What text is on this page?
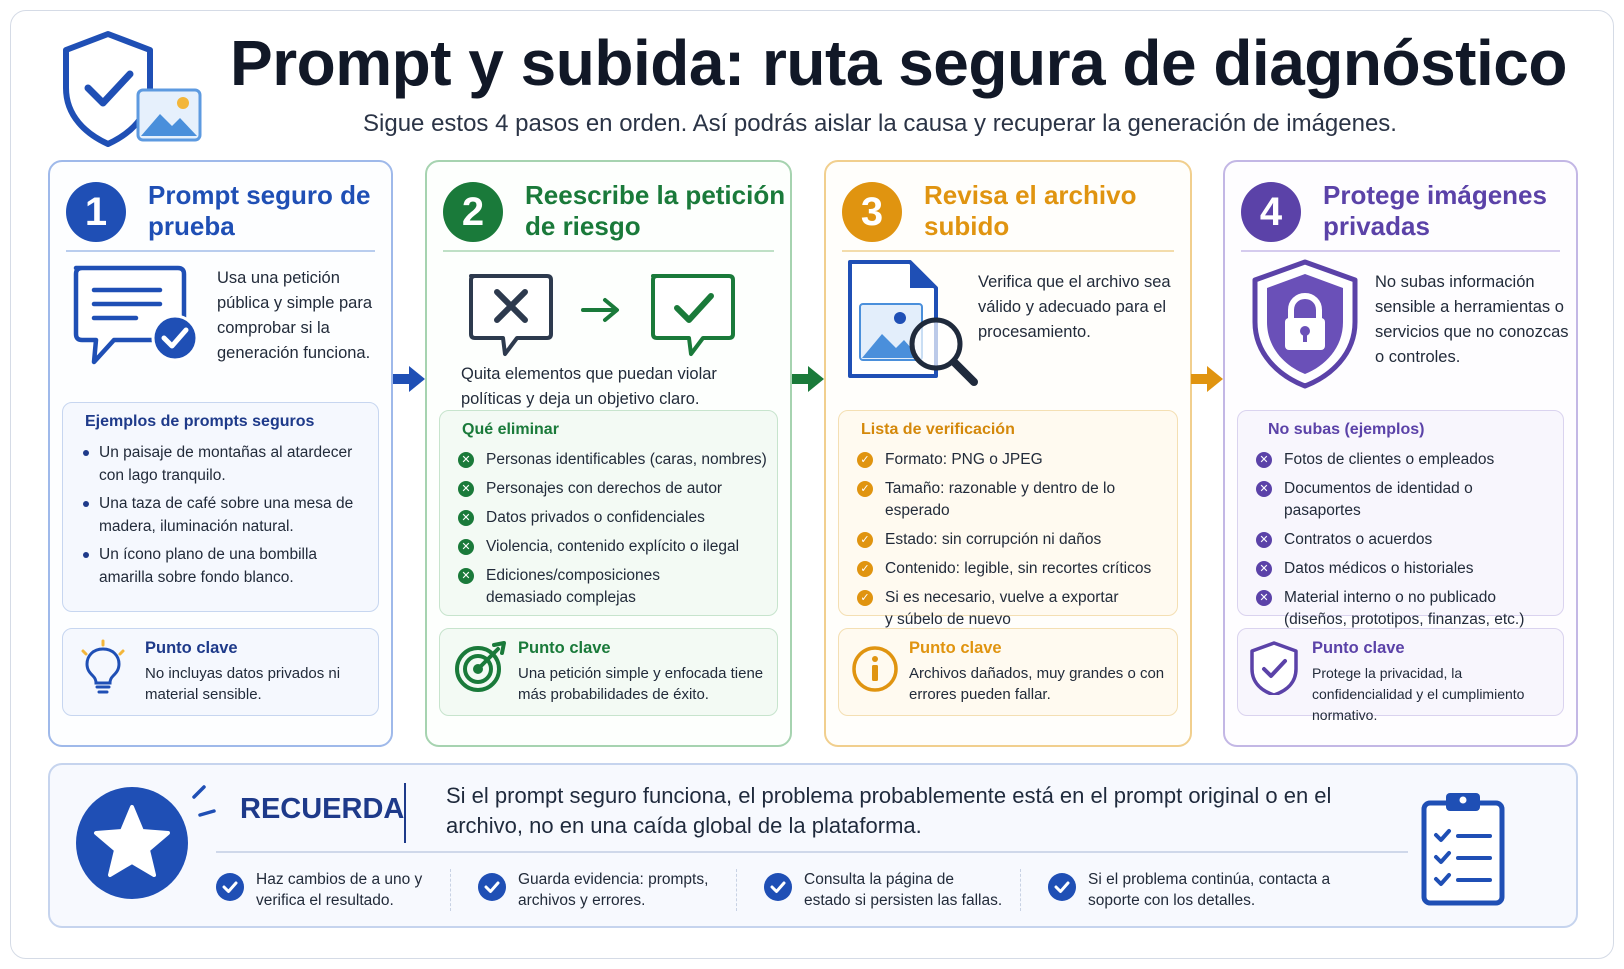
Prompt y subida: ruta segura de diagnóstico
Sigue estos 4 pasos en orden. Así podrás aislar la causa y recuperar la generación de imágenes.
1	Prompt seguro de prueba
Usa una petición pública y simple para comprobar si la generación funciona.
Ejemplos de prompts seguros
Un paisaje de montañas al atardecer con lago tranquilo.
Una taza de café sobre una mesa de madera, iluminación natural.
Un ícono plano de una bombilla amarilla sobre fondo blanco.
Punto clave
No incluyas datos privados ni material sensible.
2	Reescribe la petición de riesgo
Quita elementos que puedan violar políticas y deja un objetivo claro.
Qué eliminar
✕ Personas identificables (caras, nombres)
✕ Personajes con derechos de autor
✕ Datos privados o confidenciales
✕ Violencia, contenido explícito o ilegal
✕ Ediciones/composiciones demasiado complejas
Punto clave
Una petición simple y enfocada tiene más probabilidades de éxito.
3	Revisa el archivo subido
Verifica que el archivo sea válido y adecuado para el procesamiento.
Lista de verificación
✓ Formato: PNG o JPEG
✓ Tamaño: razonable y dentro de lo esperado
✓ Estado: sin corrupción ni daños
✓ Contenido: legible, sin recortes críticos
✓ Si es necesario, vuelve a exportar y súbelo de nuevo
Punto clave
Archivos dañados, muy grandes o con errores pueden fallar.
4	Protege imágenes privadas
No subas información sensible a herramientas o servicios que no conozcas o controles.
No subas (ejemplos)
✕ Fotos de clientes o empleados
✕ Documentos de identidad o pasaportes
✕ Contratos o acuerdos
✕ Datos médicos o historiales
✕ Material interno o no publicado (diseños, prototipos, finanzas, etc.)
Punto clave
Protege la privacidad, la confidencialidad y el cumplimiento normativo.
RECUERDA Si el prompt seguro funciona, el problema probablemente está en el prompt original o en el archivo, no en una caída global de la plataforma.
Haz cambios de a uno y verifica el resultado.
Guarda evidencia: prompts, archivos y errores.
Consulta la página de estado si persisten las fallas.
Si el problema continúa, contacta a soporte con los detalles.
